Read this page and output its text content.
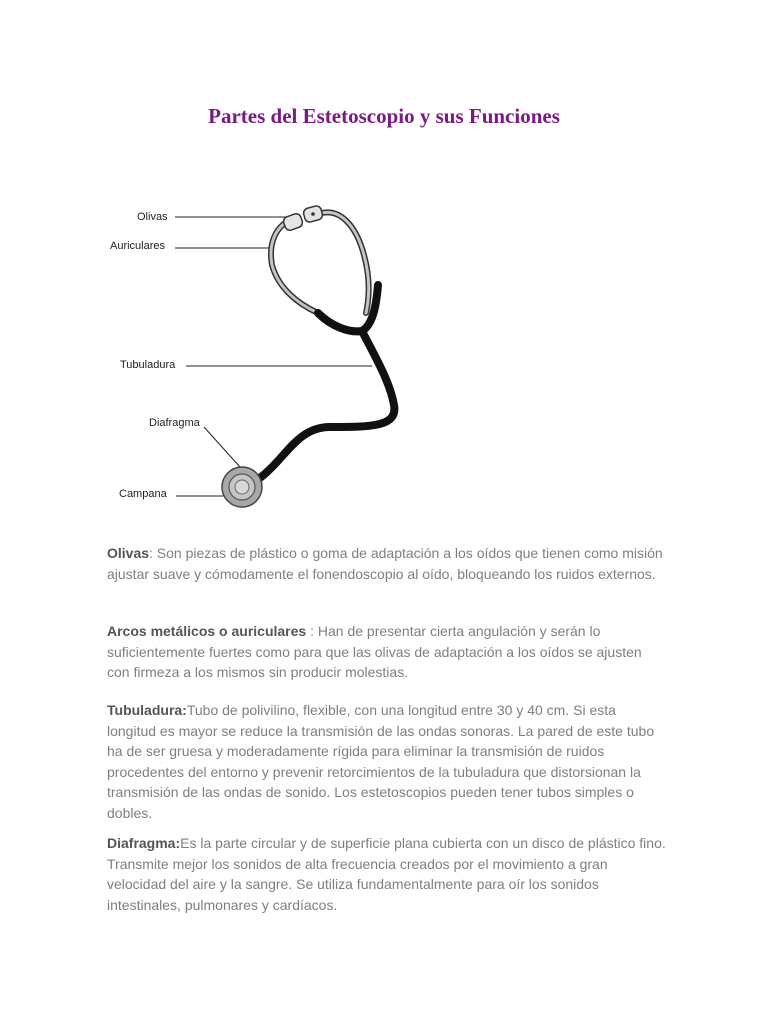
Partes del Estetoscopio y sus Funciones
Olivas
Auriculares
Tubuladura
Diafragma
Campana

Olivas: Son piezas de plástico o goma de adaptación a los oídos que tienen como misión ajustar suave y cómodamente el fonendoscopio al oído, bloqueando los ruidos externos.

Arcos metálicos o auriculares : Han de presentar cierta angulación y serán lo suficientemente fuertes como para que las olivas de adaptación a los oídos se ajusten con firmeza a los mismos sin producir molestias.

Tubuladura:Tubo de polivilino, flexible, con una longitud entre 30 y 40 cm. Si esta longitud es mayor se reduce la transmisión de las ondas sonoras. La pared de este tubo ha de ser gruesa y moderadamente rígida para eliminar la transmisión de ruidos procedentes del entorno y prevenir retorcimientos de la tubuladura que distorsionan la transmisión de las ondas de sonido. Los estetoscopios pueden tener tubos simples o dobles.

Diafragma:Es la parte circular y de superficie plana cubierta con un disco de plástico fino. Transmite mejor los sonidos de alta frecuencia creados por el movimiento a gran velocidad del aire y la sangre. Se utiliza fundamentalmente para oír los sonidos intestinales, pulmonares y cardíacos.
